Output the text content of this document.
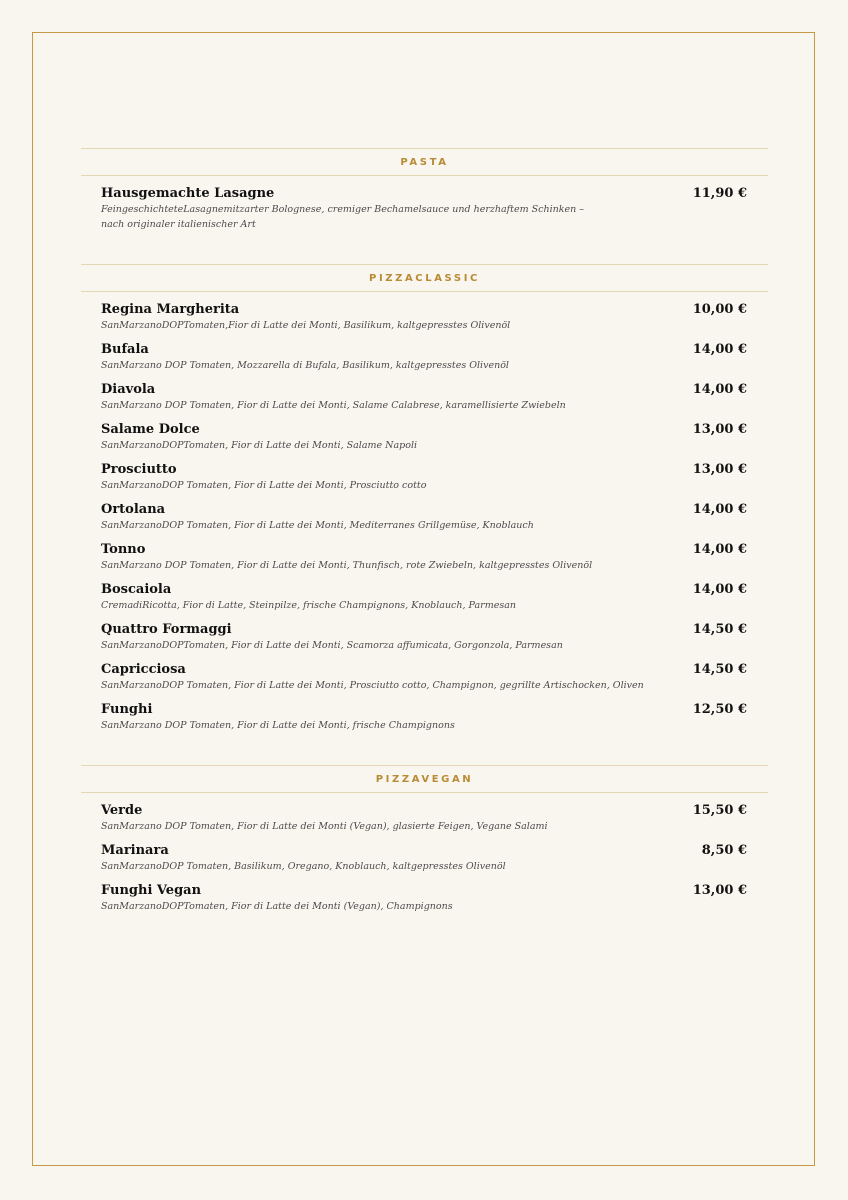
PASTA
Hausgemachte Lasagne
FeingeschichteteLasagnemitzarter Bolognese, cremiger Bechamelsauce und herzhaftem Schinken – nach originaler italienischer Art
11,90 €
PIZZACLASSIC
Regina Margherita
SanMarzanoDOPTomaten,Fior di Latte dei Monti, Basilikum, kaltgepresstes Olivenöl
10,00 €
Bufala
SanMarzano DOP Tomaten, Mozzarella di Bufala, Basilikum, kaltgepresstes Olivenöl
14,00 €
Diavola
SanMarzano DOP Tomaten, Fior di Latte dei Monti, Salame Calabrese, karamellisierte Zwiebeln
14,00 €
Salame Dolce
SanMarzanoDOPTomaten, Fior di Latte dei Monti, Salame Napoli
13,00 €
Prosciutto
SanMarzanoDOP Tomaten, Fior di Latte dei Monti, Prosciutto cotto
13,00 €
Ortolana
SanMarzanoDOP Tomaten, Fior di Latte dei Monti, Mediterranes Grillgemüse, Knoblauch
14,00 €
Tonno
SanMarzano DOP Tomaten, Fior di Latte dei Monti, Thunfisch, rote Zwiebeln, kaltgepresstes Olivenöl
14,00 €
Boscaiola
CremadiRicotta, Fior di Latte, Steinpilze, frische Champignons, Knoblauch, Parmesan
14,00 €
Quattro Formaggi
SanMarzanoDOPTomaten, Fior di Latte dei Monti, Scamorza affumicata, Gorgonzola, Parmesan
14,50 €
Capricciosa
SanMarzanoDOP Tomaten, Fior di Latte dei Monti, Prosciutto cotto, Champignon, gegrillte Artischocken, Oliven
14,50 €
Funghi
SanMarzano DOP Tomaten, Fior di Latte dei Monti, frische Champignons
12,50 €
PIZZAVEGAN
Verde
SanMarzano DOP Tomaten, Fior di Latte dei Monti (Vegan), glasierte Feigen, Vegane Salami
15,50 €
Marinara
SanMarzanoDOP Tomaten, Basilikum, Oregano, Knoblauch, kaltgepresstes Olivenöl
8,50 €
Funghi Vegan
SanMarzanoDOPTomaten, Fior di Latte dei Monti (Vegan), Champignons
13,00 €
